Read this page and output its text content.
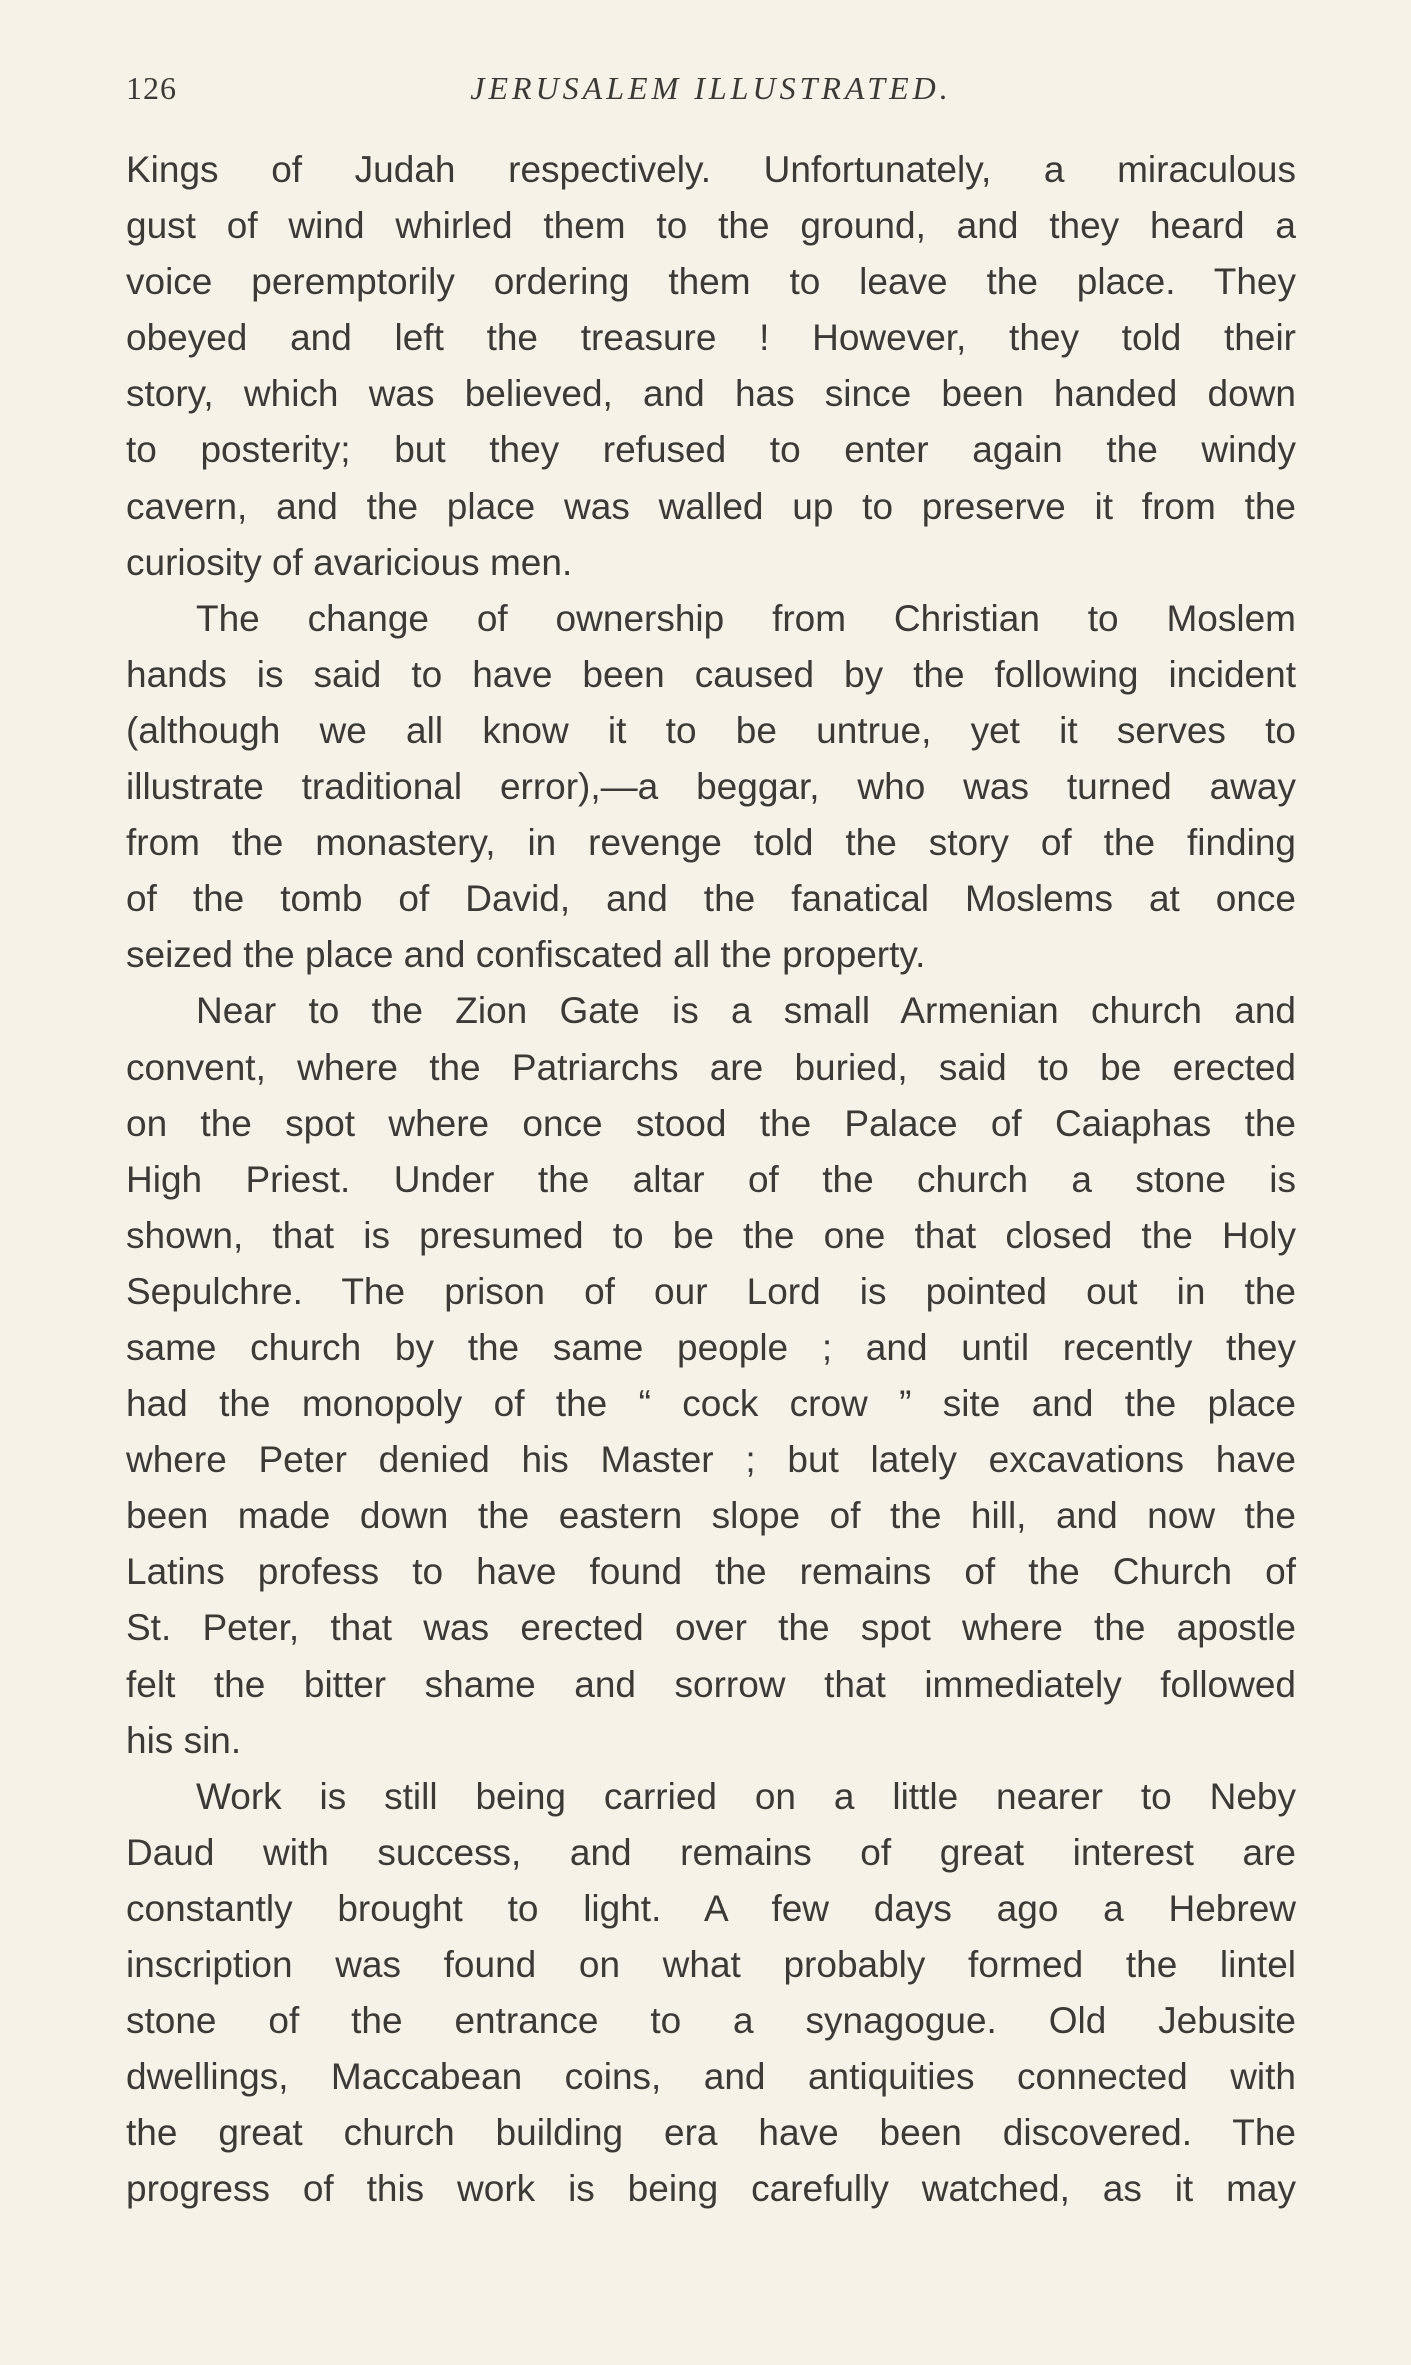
126	JERUSALEM ILLUSTRATED.
Kings of Judah respectively. Unfortunately, a miraculous
gust of wind whirled them to the ground, and they heard a
voice peremptorily ordering them to leave the place. They
obeyed and left the treasure ! However, they told their
story, which was believed, and has since been handed down
to posterity; but they refused to enter again the windy
cavern, and the place was walled up to preserve it from the
curiosity of avaricious men.
The change of ownership from Christian to Moslem
hands is said to have been caused by the following incident
(although we all know it to be untrue, yet it serves to
illustrate traditional error),—a beggar, who was turned away
from the monastery, in revenge told the story of the finding
of the tomb of David, and the fanatical Moslems at once
seized the place and confiscated all the property.
Near to the Zion Gate is a small Armenian church and
convent, where the Patriarchs are buried, said to be erected
on the spot where once stood the Palace of Caiaphas the
High Priest. Under the altar of the church a stone is
shown, that is presumed to be the one that closed the Holy
Sepulchre. The prison of our Lord is pointed out in the
same church by the same people ; and until recently they
had the monopoly of the “ cock crow ” site and the place
where Peter denied his Master ; but lately excavations have
been made down the eastern slope of the hill, and now the
Latins profess to have found the remains of the Church of
St. Peter, that was erected over the spot where the apostle
felt the bitter shame and sorrow that immediately followed
his sin.
Work is still being carried on a little nearer to Neby
Daud with success, and remains of great interest are
constantly brought to light. A few days ago a Hebrew
inscription was found on what probably formed the lintel
stone of the entrance to a synagogue. Old Jebusite
dwellings, Maccabean coins, and antiquities connected with
the great church building era have been discovered. The
progress of this work is being carefully watched, as it may
